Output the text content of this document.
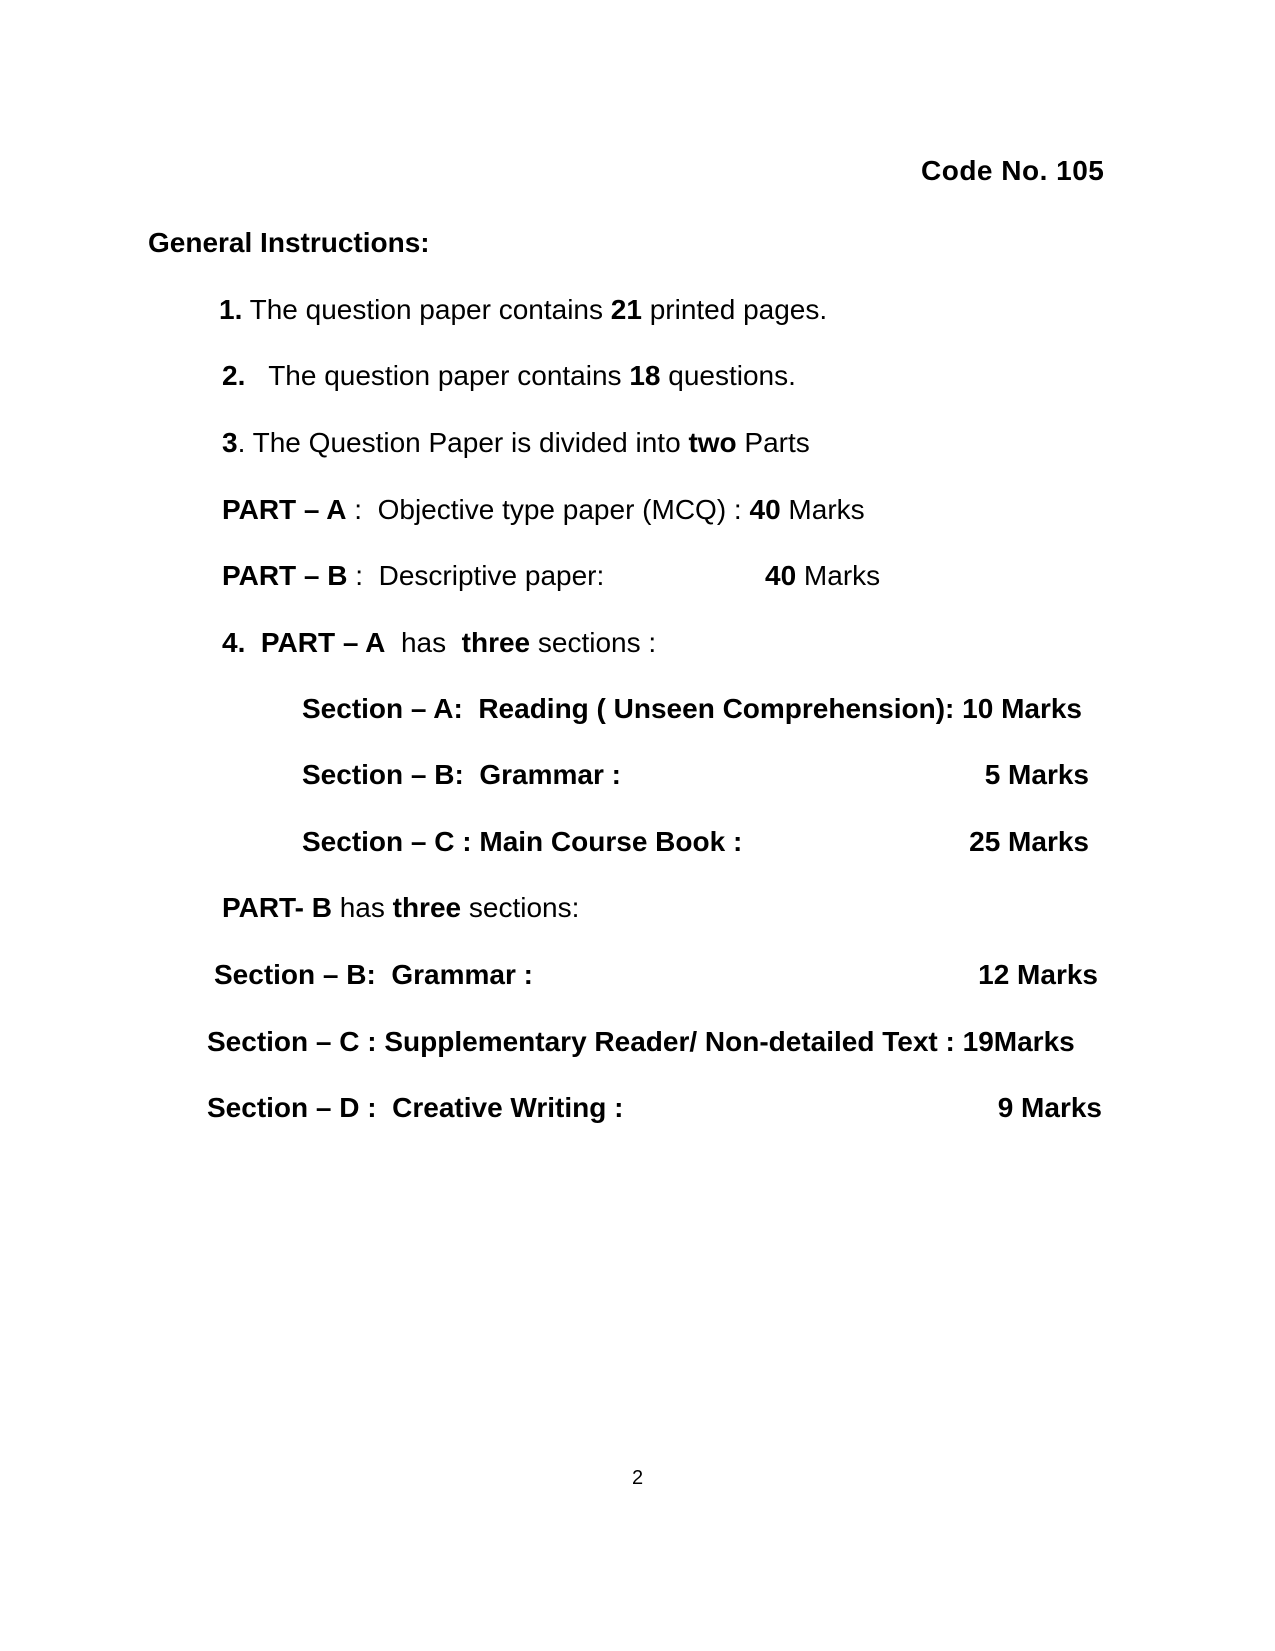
Code No. 105
General Instructions:
1. The question paper contains 21 printed pages.
2.   The question paper contains 18 questions.
3. The Question Paper is divided into two Parts
PART – A :  Objective type paper (MCQ) : 40 Marks
PART – B :  Descriptive paper:	40 Marks
4.  PART – A  has  three sections :
Section – A:  Reading ( Unseen Comprehension): 10 Marks
Section – B:  Grammar :	5 Marks
Section – C : Main Course Book :	25 Marks
PART- B has three sections:
Section – B:  Grammar :	12 Marks
Section – C : Supplementary Reader/ Non-detailed Text : 19Marks
Section – D :  Creative Writing :	9 Marks
2
